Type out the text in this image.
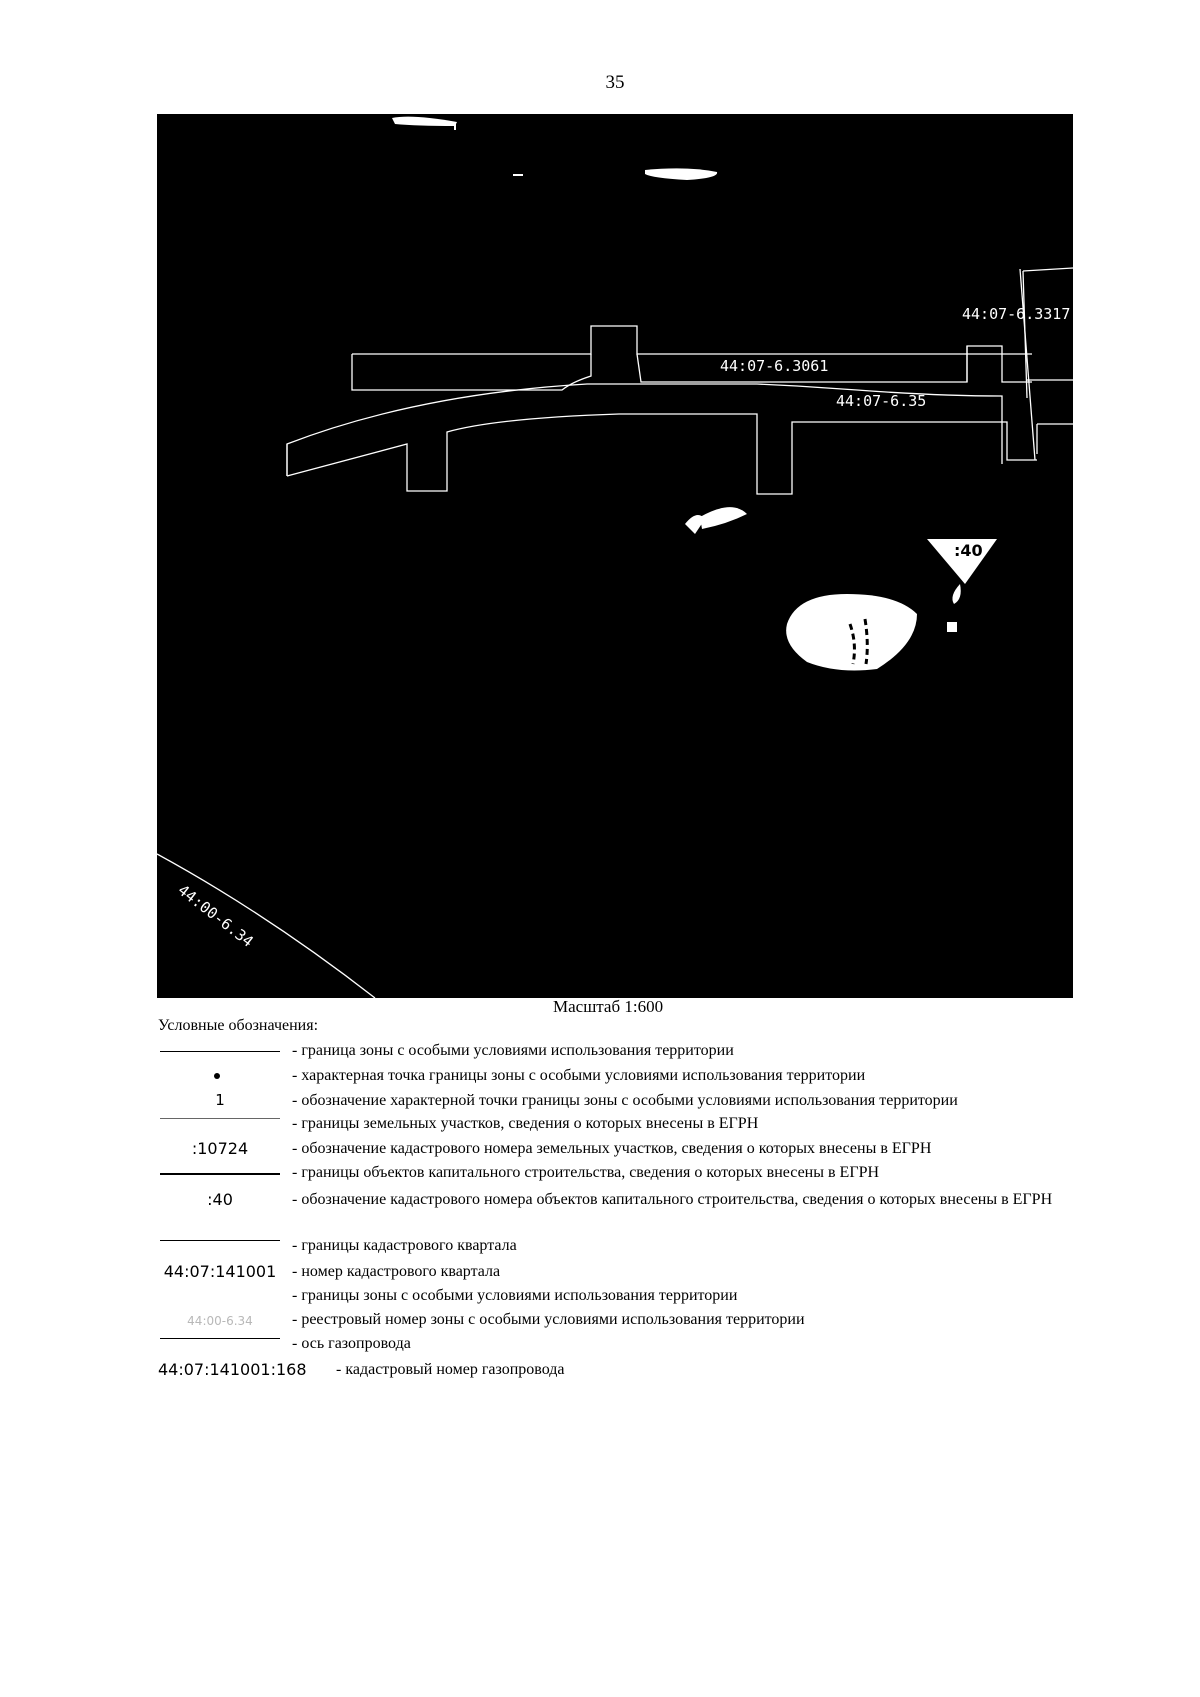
35
44:07-6.3317
44:07-6.3061
44:07-6.35
:40
44:00-6.34
Масштаб 1:600
Условные обозначения:
- граница зоны с особыми условиями использования территории
- характерная точка границы зоны с особыми условиями использования территории
1	- обозначение характерной точки границы зоны с особыми условиями использования территории
- границы земельных участков, сведения о которых внесены в ЕГРН
:10724	- обозначение кадастрового номера земельных участков, сведения о которых внесены в ЕГРН
- границы объектов капитального строительства, сведения о которых внесены в ЕГРН
:40	- обозначение кадастрового номера объектов капитального строительства, сведения о которых внесены в ЕГРН
- границы кадастрового квартала
44:07:141001 - номер кадастрового квартала
- границы зоны с особыми условиями использования территории
44:00-6.34	- реестровый номер зоны с особыми условиями использования территории
- ось газопровода
44:07:141001:168	- кадастровый номер газопровода
